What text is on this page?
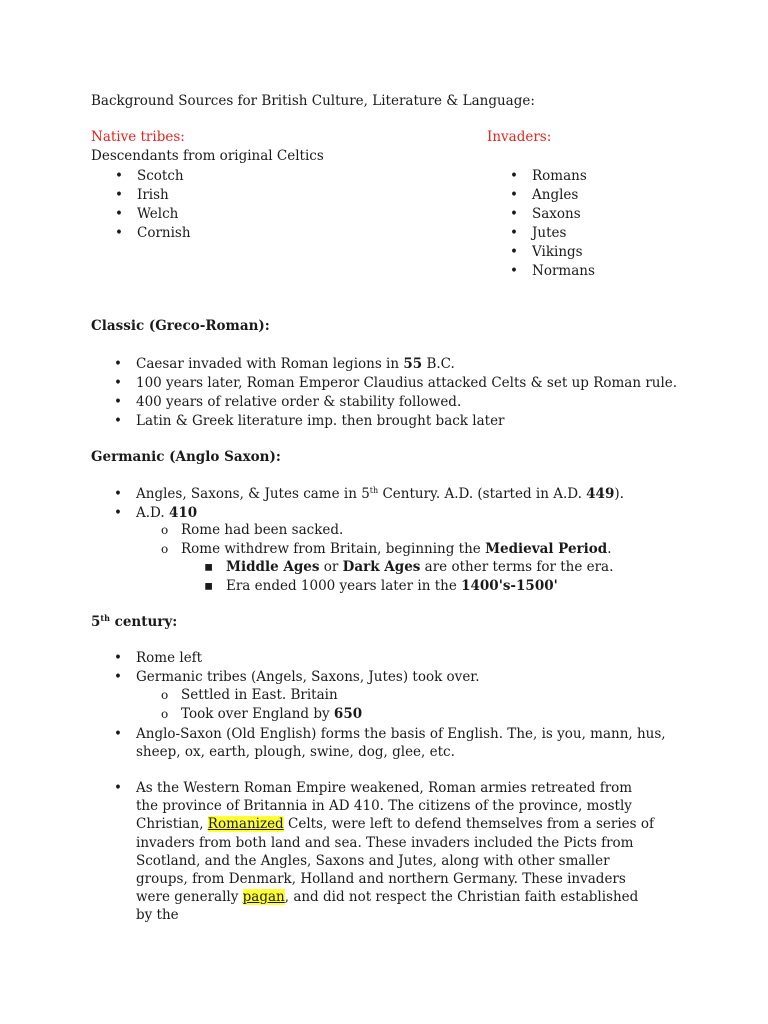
Background Sources for British Culture, Literature & Language:
Native tribes:
Descendants from original Celtics
• Scotch
• Irish
• Welch
• Cornish
Invaders:
• Romans
• Angles
• Saxons
• Jutes
• Vikings
• Normans
Classic (Greco-Roman):
• Caesar invaded with Roman legions in 55 B.C.
• 100 years later, Roman Emperor Claudius attacked Celts & set up Roman rule.
• 400 years of relative order & stability followed.
• Latin & Greek literature imp. then brought back later
Germanic (Anglo Saxon):
• Angles, Saxons, & Jutes came in 5th Century. A.D. (started in A.D. 449).
• A.D. 410
o Rome had been sacked.
o Rome withdrew from Britain, beginning the Medieval Period.
▪ Middle Ages or Dark Ages are other terms for the era.
▪ Era ended 1000 years later in the 1400's-1500'
5th century:
• Rome left
• Germanic tribes (Angels, Saxons, Jutes) took over.
o Settled in East. Britain
o Took over England by 650
• Anglo-Saxon (Old English) forms the basis of English. The, is you, mann, hus,
sheep, ox, earth, plough, swine, dog, glee, etc.
• As the Western Roman Empire weakened, Roman armies retreated from the province of Britannia in AD 410. The citizens of the province, mostly Christian, Romanized Celts, were left to defend themselves from a series of invaders from both land and sea. These invaders included the Picts from Scotland, and the Angles, Saxons and Jutes, along with other smaller groups, from Denmark, Holland and northern Germany. These invaders were generally pagan, and did not respect the Christian faith established by the
